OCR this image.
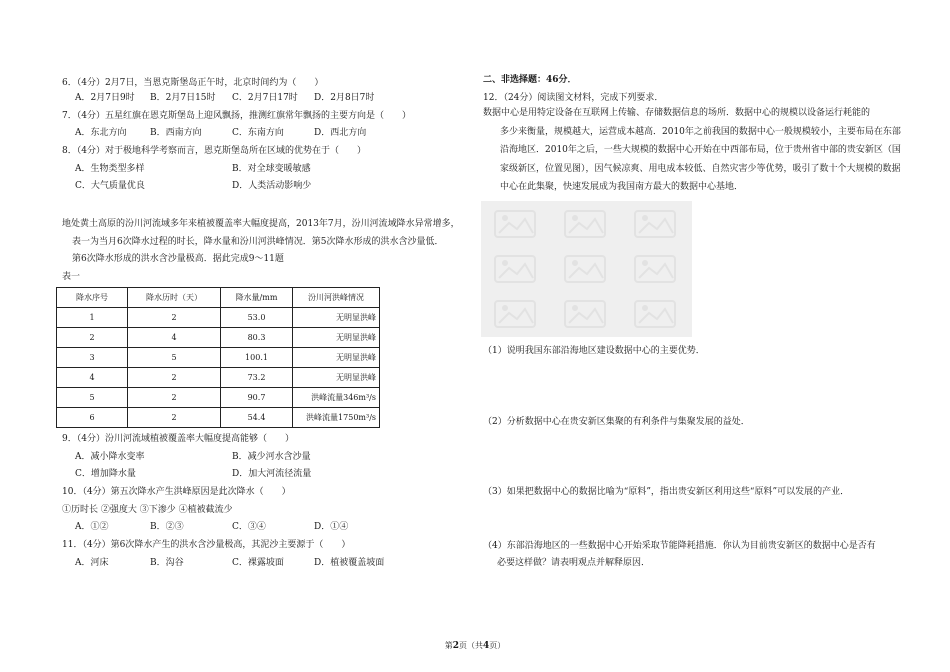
6．（4分）2月7日，当恩克斯堡岛正午时，北京时间约为（　　）
A．2月7日9时 B．2月7日15时 C．2月7日17时 D．2月8日7时
7．（4分）五星红旗在恩克斯堡岛上迎风飘扬，推测红旗常年飘扬的主要方向是（　　）
A．东北方向	B．西南方向	C．东南方向	D．西北方向
8．（4分）对于极地科学考察而言，恩克斯堡岛所在区域的优势在于（　　）
A．生物类型多样	B．对全球变暖敏感
C．大气质量优良	D．人类活动影响少
地处黄土高原的汾川河流域多年来植被覆盖率大幅度提高，2013年7月，汾川河流域降水异常增多，
表一为当月6次降水过程的时长，降水量和汾川河洪峰情况．第5次降水形成的洪水含沙量低．
第6次降水形成的洪水含沙量极高．据此完成9～11题
表一
降水序号	降水历时（天）	降水量/mm	汾川河洪峰情况
1	2	53.0	无明显洪峰
2	4	80.3	无明显洪峰
3	5	100.1	无明显洪峰
4	2	73.2	无明显洪峰
5	2	90.7	洪峰流量346m³/s
6	2	54.4	洪峰流量1750m³/s
9．（4分）汾川河流域植被覆盖率大幅度提高能够（　　）
A．减小降水变率	B．减少河水含沙量
C．增加降水量	D．加大河流径流量
10．（4分）第五次降水产生洪峰原因是此次降水（　　）
①历时长 ②强度大 ③下渗少 ④植被截流少
A．①②	B．②③	C．③④	D．①④
11．（4分）第6次降水产生的洪水含沙量极高，其泥沙主要源于（　　）
A．河床	B．沟谷	C．裸露坡面	D．植被覆盖坡面
二、非选择题：46分．
12．（24分）阅读图文材料，完成下列要求．
数据中心是用特定设备在互联网上传输、存储数据信息的场所．数据中心的规模以设备运行耗能的
多少来衡量，规模越大，运营成本越高．2010年之前我国的数据中心一般规模较小，主要布局在东部沿海地区．2010年之后，一些大规模的数据中心开始在中西部布局，位于贵州省中部的贵安新区（国家级新区，位置见图），因气候凉爽、用电成本较低、自然灾害少等优势，吸引了数十个大规模的数据中心在此集聚，快速发展成为我国南方最大的数据中心基地．
（1）说明我国东部沿海地区建设数据中心的主要优势．
（2）分析数据中心在贵安新区集聚的有利条件与集聚发展的益处．
（3）如果把数据中心的数据比喻为“原料”，指出贵安新区利用这些“原料”可以发展的产业．
（4）东部沿海地区的一些数据中心开始采取节能降耗措施．你认为目前贵安新区的数据中心是否有
必要这样做？请表明观点并解释原因．
第2页（共4页）
